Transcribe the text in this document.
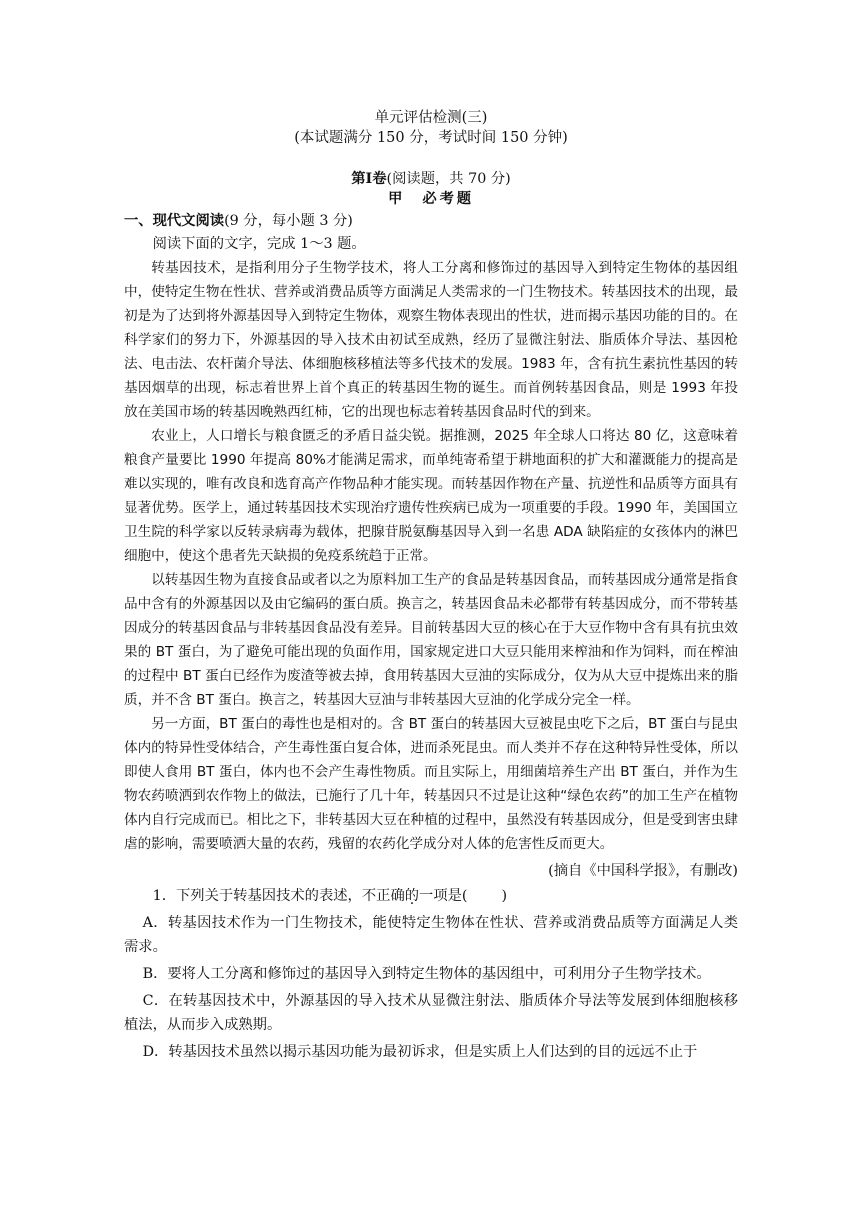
单元评估检测(三)
(本试题满分 150 分，考试时间 150 分钟)
第Ⅰ卷(阅读题，共 70 分)
甲　必考题
一、现代文阅读(9 分，每小题 3 分)

阅读下面的文字，完成 1～3 题。

转基因技术，是指利用分子生物学技术，将人工分离和修饰过的基因导入到特定生物体的基因组中，使特定生物在性状、营养或消费品质等方面满足人类需求的一门生物技术。转基因技术的出现，最初是为了达到将外源基因导入到特定生物体，观察生物体表现出的性状，进而揭示基因功能的目的。在科学家们的努力下，外源基因的导入技术由初试至成熟，经历了显微注射法、脂质体介导法、基因枪法、电击法、农杆菌介导法、体细胞核移植法等多代技术的发展。1983 年，含有抗生素抗性基因的转基因烟草的出现，标志着世界上首个真正的转基因生物的诞生。而首例转基因食品，则是 1993 年投放在美国市场的转基因晚熟西红柿，它的出现也标志着转基因食品时代的到来。

农业上，人口增长与粮食匮乏的矛盾日益尖锐。据推测，2025 年全球人口将达 80 亿，这意味着粮食产量要比 1990 年提高 80%才能满足需求，而单纯寄希望于耕地面积的扩大和灌溉能力的提高是难以实现的，唯有改良和选育高产作物品种才能实现。而转基因作物在产量、抗逆性和品质等方面具有显著优势。医学上，通过转基因技术实现治疗遗传性疾病已成为一项重要的手段。1990 年，美国国立卫生院的科学家以反转录病毒为载体，把腺苷脱氨酶基因导入到一名患 ADA 缺陷症的女孩体内的淋巴细胞中，使这个患者先天缺损的免疫系统趋于正常。

以转基因生物为直接食品或者以之为原料加工生产的食品是转基因食品，而转基因成分通常是指食品中含有的外源基因以及由它编码的蛋白质。换言之，转基因食品未必都带有转基因成分，而不带转基因成分的转基因食品与非转基因食品没有差异。目前转基因大豆的核心在于大豆作物中含有具有抗虫效果的 BT 蛋白，为了避免可能出现的负面作用，国家规定进口大豆只能用来榨油和作为饲料，而在榨油的过程中 BT 蛋白已经作为废渣等被去掉，食用转基因大豆油的实际成分，仅为从大豆中提炼出来的脂质，并不含 BT 蛋白。换言之，转基因大豆油与非转基因大豆油的化学成分完全一样。

另一方面，BT 蛋白的毒性也是相对的。含 BT 蛋白的转基因大豆被昆虫吃下之后，BT 蛋白与昆虫体内的特异性受体结合，产生毒性蛋白复合体，进而杀死昆虫。而人类并不存在这种特异性受体，所以即使人食用 BT 蛋白，体内也不会产生毒性物质。而且实际上，用细菌培养生产出 BT 蛋白，并作为生物农药喷洒到农作物上的做法，已施行了几十年，转基因只不过是让这种“绿色农药”的加工生产在植物体内自行完成而已。相比之下，非转基因大豆在种植的过程中，虽然没有转基因成分，但是受到害虫肆虐的影响，需要喷洒大量的农药，残留的农药化学成分对人体的危害性反而更大。

(摘自《中国科学报》，有删改)

1．下列关于转基因技术的表述，不正确的一项是( )

A．转基因技术作为一门生物技术，能使特定生物体在性状、营养或消费品质等方面满足人类需求。

B．要将人工分离和修饰过的基因导入到特定生物体的基因组中，可利用分子生物学技术。

C．在转基因技术中，外源基因的导入技术从显微注射法、脂质体介导法等发展到体细胞核移植法，从而步入成熟期。

D．转基因技术虽然以揭示基因功能为最初诉求，但是实质上人们达到的目的远远不止于
